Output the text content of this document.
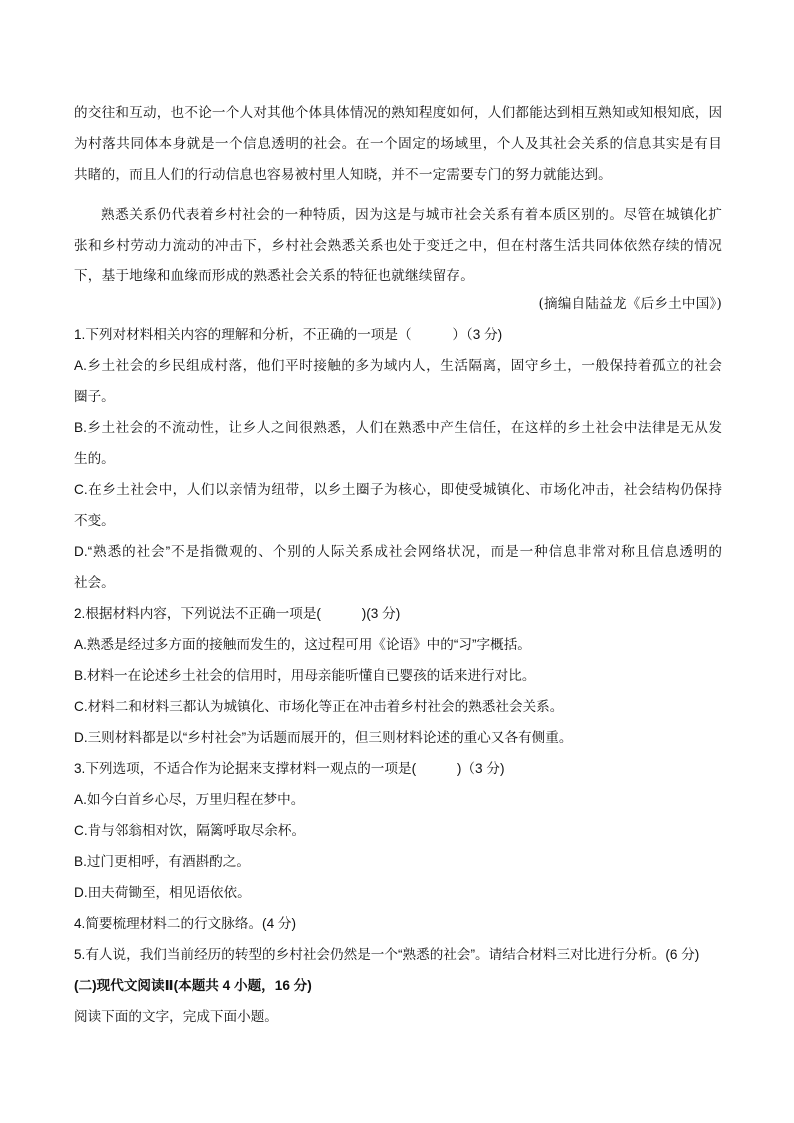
的交往和互动，也不论一个人对其他个体具体情况的熟知程度如何，人们都能达到相互熟知或知根知底，因
为村落共同体本身就是一个信息透明的社会。在一个固定的场域里，个人及其社会关系的信息其实是有目
共睹的，而且人们的行动信息也容易被村里人知晓，并不一定需要专门的努力就能达到。
熟悉关系仍代表着乡村社会的一种特质，因为这是与城市社会关系有着本质区别的。尽管在城镇化扩
张和乡村劳动力流动的冲击下，乡村社会熟悉关系也处于变迁之中，但在村落生活共同体依然存续的情况
下，基于地缘和血缘而形成的熟悉社会关系的特征也就继续留存。
(摘编自陆益龙《后乡土中国》)
1.下列对材料相关内容的理解和分析，不正确的一项是（　　　）（3 分)
A.乡土社会的乡民组成村落，他们平时接触的多为域内人，生活隔离，固守乡土，一般保持着孤立的社会
圈子。
B.乡土社会的不流动性，让乡人之间很熟悉，人们在熟悉中产生信任，在这样的乡土社会中法律是无从发
生的。
C.在乡土社会中，人们以亲情为纽带，以乡土圈子为核心，即使受城镇化、市场化冲击，社会结构仍保持
不变。
D.“熟悉的社会”不是指微观的、个别的人际关系成社会网络状况，而是一种信息非常对称且信息透明的
社会。
2.根据材料内容，下列说法不正确一项是(　　　)(3 分)
A.熟悉是经过多方面的接触而发生的，这过程可用《论语》中的“习”字概括。
B.材料一在论述乡土社会的信用时，用母亲能听懂自已婴孩的话来进行对比。
C.材料二和材料三都认为城镇化、市场化等正在冲击着乡村社会的熟悉社会关系。
D.三则材料都是以“乡村社会”为话题而展开的，但三则材料论述的重心又各有侧重。
3.下列选项，不适合作为论据来支撑材料一观点的一项是(　　　)（3 分)
A.如今白首乡心尽，万里归程在梦中。
C.肯与邻翁相对饮，隔篱呼取尽余杯。
B.过门更相呼，有酒斟酌之。
D.田夫荷锄至，相见语依依。
4.简要梳理材料二的行文脉络。(4 分)
5.有人说，我们当前经历的转型的乡村社会仍然是一个“熟悉的社会”。请结合材料三对比进行分析。(6 分)
(二)现代文阅读Ⅱ(本题共 4 小题，16 分)
阅读下面的文字，完成下面小题。
